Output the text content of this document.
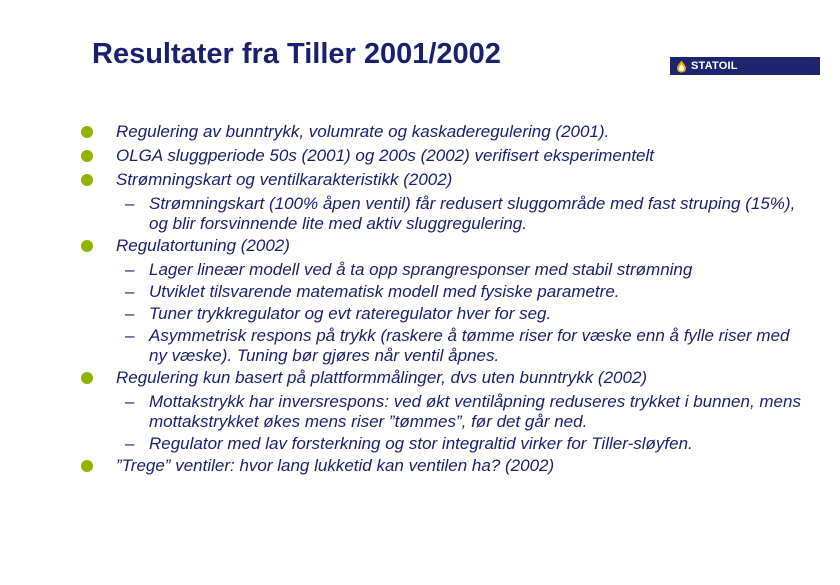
Resultater fra Tiller 2001/2002	STATOIL
Regulering av bunntrykk, volumrate og kaskaderegulering (2001).
OLGA sluggperiode 50s (2001) og 200s (2002) verifisert eksperimentelt
Strømningskart og ventilkarakteristikk (2002)
– Strømningskart (100% åpen ventil) får redusert sluggområde med fast struping (15%), og blir forsvinnende lite med aktiv sluggregulering.
Regulatortuning (2002)
– Lager lineær modell ved å ta opp sprangresponser med stabil strømning
– Utviklet tilsvarende matematisk modell med fysiske parametre.
– Tuner trykkregulator og evt rateregulator hver for seg.
– Asymmetrisk respons på trykk (raskere å tømme riser for væske enn å fylle riser med ny væske). Tuning bør gjøres når ventil åpnes.
Regulering kun basert på plattformmålinger, dvs uten bunntrykk (2002)
– Mottakstrykk har inversrespons: ved økt ventilåpning reduseres trykket i bunnen, mens mottakstrykket økes mens riser ”tømmes”, før det går ned.
– Regulator med lav forsterkning og stor integraltid virker for Tiller-sløyfen.
”Trege” ventiler: hvor lang lukketid kan ventilen ha? (2002)
